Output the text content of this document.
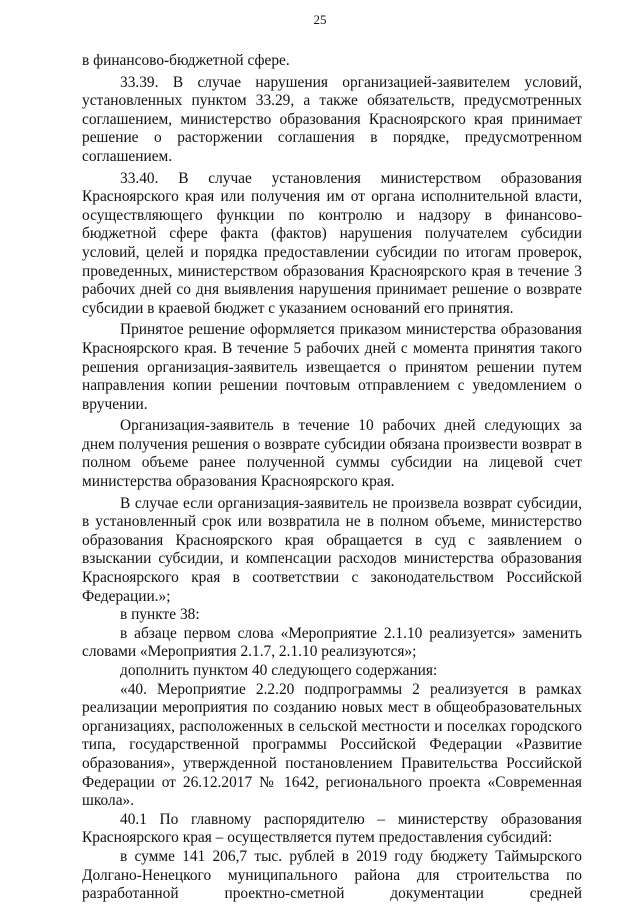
25

в финансово-бюджетной сфере.

33.39. В случае нарушения организацией-заявителем условий, установленных пунктом 33.29, а также обязательств, предусмотренных соглашением, министерство образования Красноярского края принимает решение о расторжении соглашения в порядке, предусмотренном соглашением.

33.40. В случае установления министерством образования Красноярского края или получения им от органа исполнительной власти, осуществляющего функции по контролю и надзору в финансово-бюджетной сфере факта (фактов) нарушения получателем субсидии условий, целей и порядка предоставлении субсидии по итогам проверок, проведенных, министерством образования Красноярского края в течение 3 рабочих дней со дня выявления нарушения принимает решение о возврате субсидии в краевой бюджет с указанием оснований его принятия.

Принятое решение оформляется приказом министерства образования Красноярского края. В течение 5 рабочих дней с момента принятия такого решения организация-заявитель извещается о принятом решении путем направления копии решении почтовым отправлением с уведомлением о вручении.

Организация-заявитель в течение 10 рабочих дней следующих за днем получения решения о возврате субсидии обязана произвести возврат в полном объеме ранее полученной суммы субсидии на лицевой счет министерства образования Красноярского края.

В случае если организация-заявитель не произвела возврат субсидии, в установленный срок или возвратила не в полном объеме, министерство образования Красноярского края обращается в суд с заявлением о взыскании субсидии, и компенсации расходов министерства образования Красноярского края в соответствии с законодательством Российской Федерации.»;

в пункте 38:

в абзаце первом слова «Мероприятие 2.1.10 реализуется» заменить словами «Мероприятия 2.1.7, 2.1.10 реализуются»;

дополнить пунктом 40 следующего содержания:

«40. Мероприятие 2.2.20 подпрограммы 2 реализуется в рамках реализации мероприятия по созданию новых мест в общеобразовательных организациях, расположенных в сельской местности и поселках городского типа, государственной программы Российской Федерации «Развитие образования», утвержденной постановлением Правительства Российской Федерации от 26.12.2017 № 1642, регионального проекта «Современная школа».

40.1 По главному распорядителю – министерству образования Красноярского края – осуществляется путем предоставления субсидий:

в сумме 141 206,7 тыс. рублей в 2019 году бюджету Таймырского Долгано-Ненецкого муниципального района для строительства по разработанной проектно-сметной документации средней
